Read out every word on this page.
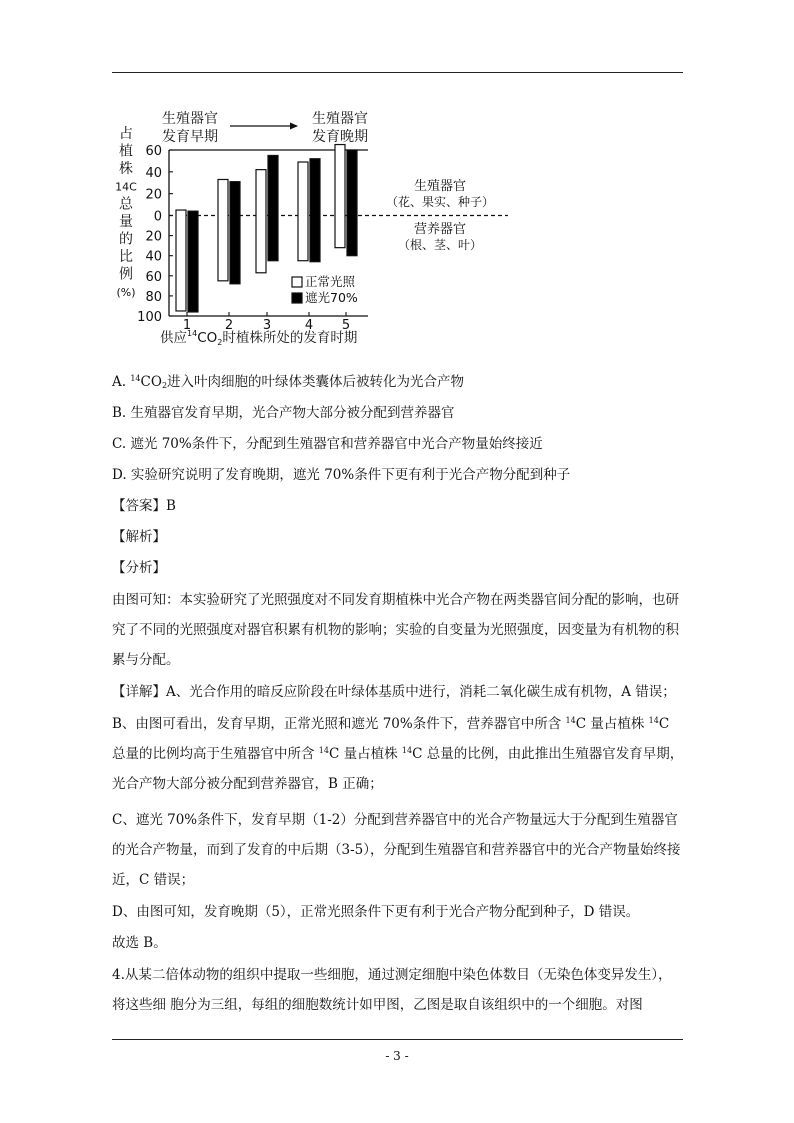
占
植
株
14C
总
量
的
比
例
(%)
60
40
20
0
20
40
60
80
100
1	2 3	4 5
生殖器官
发育早期
生殖器官
发育晚期
生殖器官
（花、果实、种子）
营养器官
（根、茎、叶）
正常光照
遮光70%
供应$^{14}CO_2$时植株所处的发育时期
A. $^{14}CO_2$进入叶肉细胞的叶绿体类囊体后被转化为光合产物
B. 生殖器官发育早期，光合产物大部分被分配到营养器官
C. 遮光 70%条件下，分配到生殖器官和营养器官中光合产物量始终接近
D. 实验研究说明了发育晚期，遮光 70%条件下更有利于光合产物分配到种子
【答案】B
【解析】
【分析】
由图可知：本实验研究了光照强度对不同发育期植株中光合产物在两类器官间分配的影响，也研究了不同的光照强度对器官积累有机物的影响；实验的自变量为光照强度，因变量为有机物的积累与分配。
【详解】A、光合作用的暗反应阶段在叶绿体基质中进行，消耗二氧化碳生成有机物，A 错误；
B、由图可看出，发育早期，正常光照和遮光 70%条件下，营养器官中所含 $^{14}$C 量占植株 $^{14}$C 总量的比例均高于生殖器官中所含 $^{14}$C 量占植株 $^{14}$C 总量的比例，由此推出生殖器官发育早期，光合产物大部分被分配到营养器官，B 正确；
C、遮光 70%条件下，发育早期（1-2）分配到营养器官中的光合产物量远大于分配到生殖器官的光合产物量，而到了发育的中后期（3-5），分配到生殖器官和营养器官中的光合产物量始终接近，C 错误；
D、由图可知，发育晚期（5），正常光照条件下更有利于光合产物分配到种子，D 错误。
故选 B。
4.从某二倍体动物的组织中提取一些细胞，通过测定细胞中染色体数目（无染色体变异发生），将这些细 胞分为三组，每组的细胞数统计如甲图，乙图是取自该组织中的一个细胞。对图
- 3 -
